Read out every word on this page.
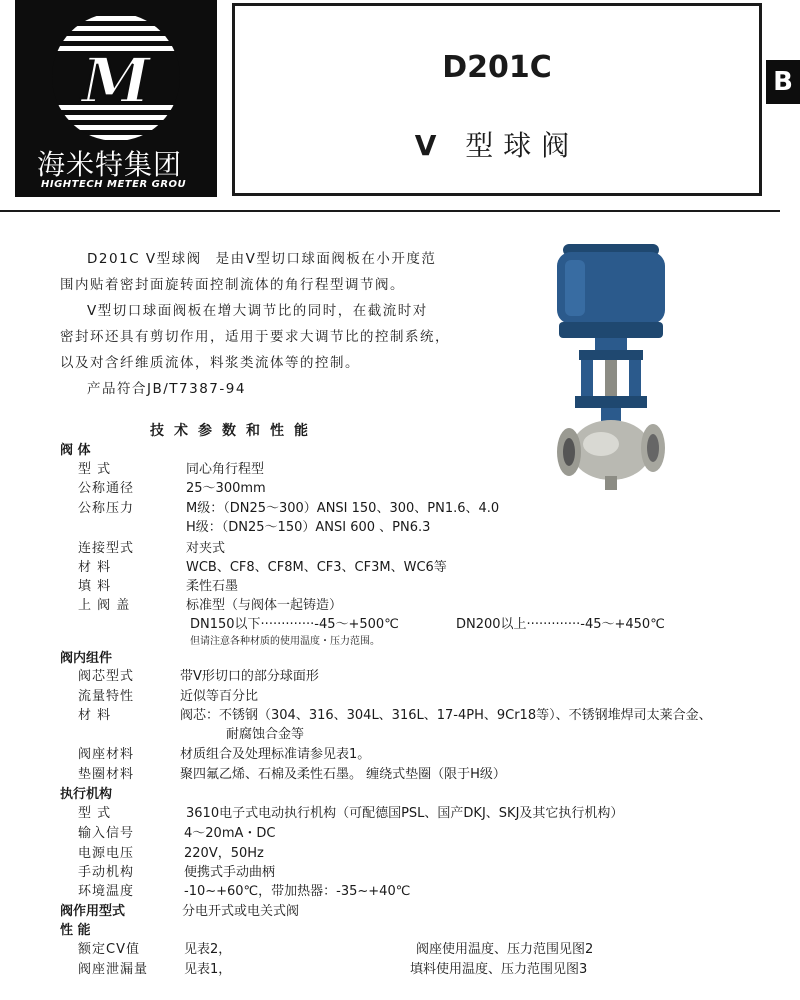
M
海米特集团
HIGHTECH METER GROU
D201C
V 型球阀
B

D201C V型球阀 是由V型切口球面阀板在小开度范

围内贴着密封面旋转面控制流体的角行程型调节阀。

V型切口球面阀板在增大调节比的同时，在截流时对

密封环还具有剪切作用，适用于要求大调节比的控制系统，

以及对含纤维质流体，料浆类流体等的控制。

产品符合JB/T7387-94

技术参数和性能
阀 体
型 式	同心角行程型
公称通径	25～300mm
公称压力	M级：（DN25～300）ANSI 150、300、PN1.6、4.0
H级：（DN25～150）ANSI 600 、PN6.3
连接型式	对夹式
材 料	WCB、CF8、CF8M、CF3、CF3M、WC6等
填 料	柔性石墨
上 阀 盖	标准型（与阀体一起铸造）
DN150以下·············-45～+500℃	DN200以上·············-45～+450℃
但请注意各种材质的使用温度・压力范围。
阀内组件
阀芯型式	带V形切口的部分球面形
流量特性	近似等百分比
材 料	阀芯：不锈钢（304、316、304L、316L、17-4PH、9Cr18等）、不锈钢堆焊司太莱合金、
耐腐蚀合金等
阀座材料	材质组合及处理标准请参见表1。
垫圈材料	聚四氟乙烯、石棉及柔性石墨。 缠绕式垫圈（限于H级）
执行机构
型 式	3610电子式电动执行机构（可配德国PSL、国产DKJ、SKJ及其它执行机构）
输入信号	4～20mA・DC
电源电压	220V，50Hz
手动机构	便携式手动曲柄
环境温度	-10~+60℃，带加热器：-35~+40℃
阀作用型式	分电开式或电关式阀
性 能
额定CV值	见表2，	阀座使用温度、压力范围见图2
阀座泄漏量	见表1，	填料使用温度、压力范围见图3
